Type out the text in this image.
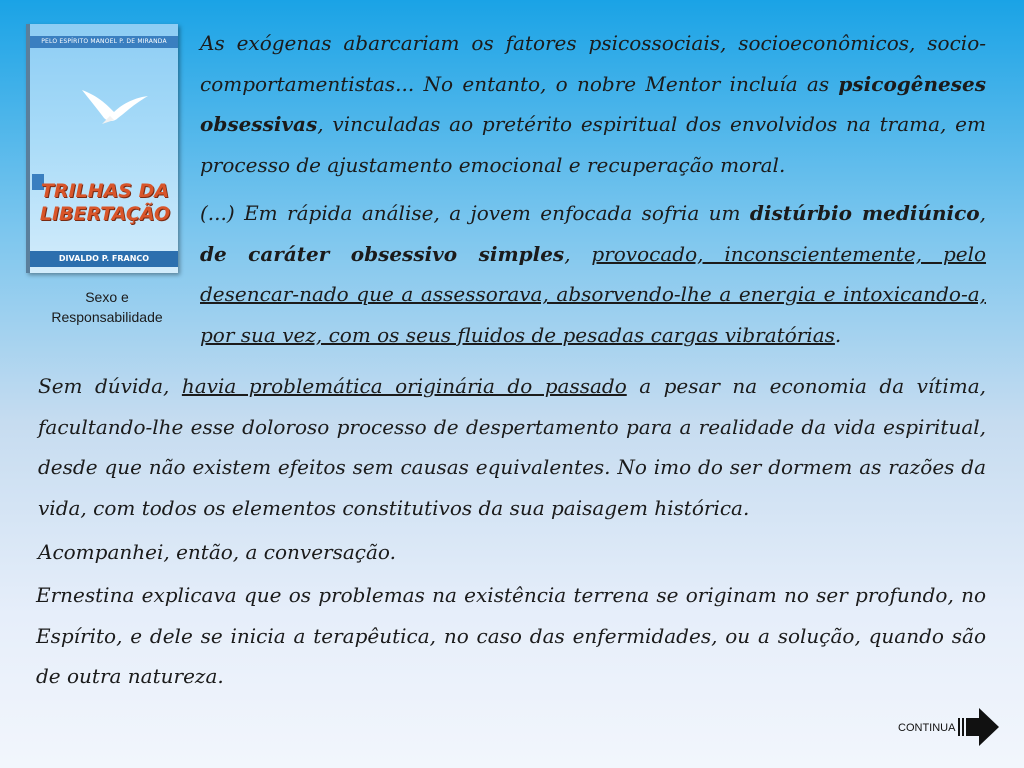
PELO ESPÍRITO MANOEL P. DE MIRANDA
TRILHAS DA LIBERTAÇÃO
DIVALDO P. FRANCO
Sexo e Responsabilidade

As exógenas abarcariam os fatores psicossociais, socioeconômicos, socio-comportamentistas... No entanto, o nobre Mentor incluía as psicogêneses obsessivas, vinculadas ao pretérito espiritual dos envolvidos na trama, em processo de ajustamento emocional e recuperação moral.

(...) Em rápida análise, a jovem enfocada sofria um distúrbio mediúnico, de caráter obsessivo simples, provocado, inconscientemente, pelo desencar-nado que a assessorava, absorvendo-lhe a energia e intoxicando-a, por sua vez, com os seus fluidos de pesadas cargas vibratórias.

Sem dúvida, havia problemática originária do passado a pesar na economia da vítima, facultando-lhe esse doloroso processo de despertamento para a realidade da vida espiritual, desde que não existem efeitos sem causas equivalentes. No imo do ser dormem as razões da vida, com todos os elementos constitutivos da sua paisagem histórica.

Acompanhei, então, a conversação.

Ernestina explicava que os problemas na existência terrena se originam no ser profundo, no Espírito, e dele se inicia a terapêutica, no caso das enfermidades, ou a solução, quando são de outra natureza.

CONTINUA
